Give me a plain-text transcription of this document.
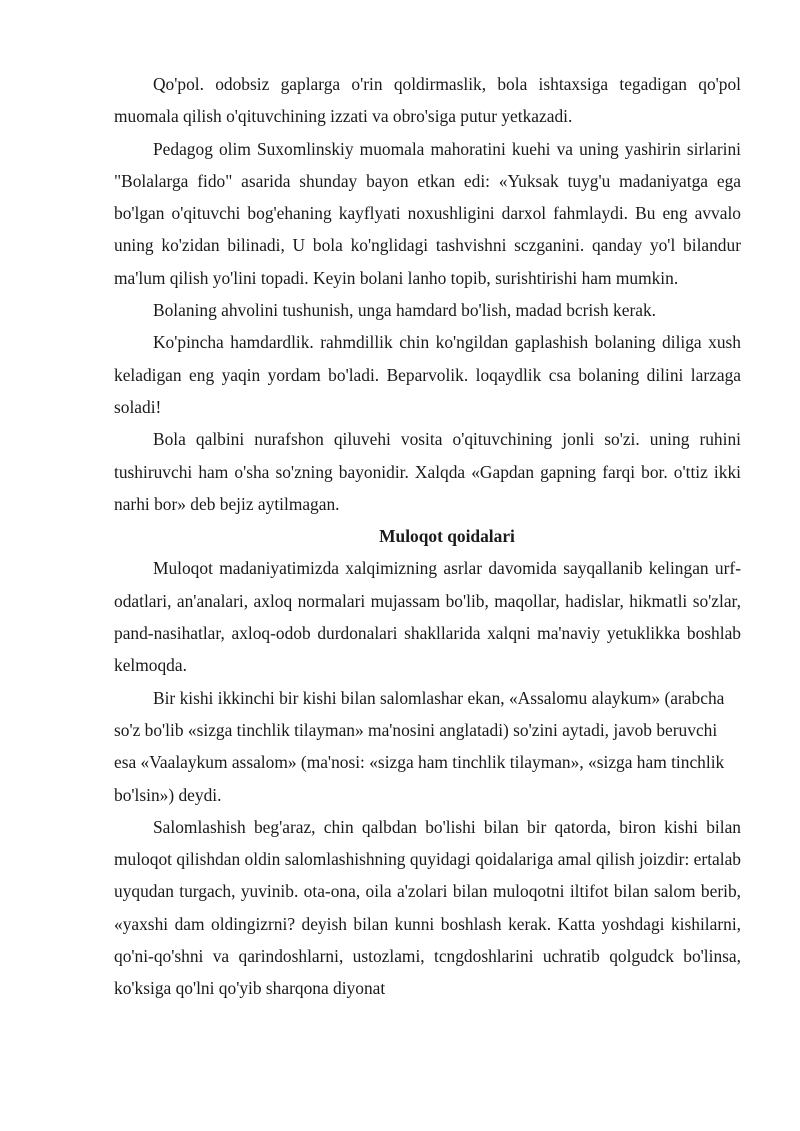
Qo'pol. odobsiz gaplarga o'rin qoldirmaslik, bola ishtaxsiga tegadigan qo'pol muomala qilish o'qituvchining izzati va obro'siga putur yetkazadi.

Pedagog olim Suxomlinskiy muomala mahoratini kuehi va uning yashirin sirlarini "Bolalarga fido" asarida shunday bayon etkan edi: «Yuksak tuyg'u madaniyatga ega bo'lgan o'qituvchi bog'ehaning kayflyati noxushligini darxol fahmlaydi. Bu eng avvalo uning ko'zidan bilinadi, U bola ko'nglidagi tashvishni sczganini. qanday yo'l bilandur ma'lum qilish yo'lini topadi. Keyin bolani lanho topib, surishtirishi ham mumkin.

Bolaning ahvolini tushunish, unga hamdard bo'lish, madad bcrish kerak.

Ko'pincha hamdardlik. rahmdillik chin ko'ngildan gaplashish bolaning diliga xush keladigan eng yaqin yordam bo'ladi. Beparvolik. loqaydlik csa bolaning dilini larzaga soladi!

Bola qalbini nurafshon qiluvehi vosita o'qituvchining jonli so'zi. uning ruhini tushiruvchi ham o'sha so'zning bayonidir. Xalqda «Gapdan gapning farqi bor. o'ttiz ikki narhi bor» deb bejiz aytilmagan.

Muloqot qoidalari

Muloqot madaniyatimizda xalqimizning asrlar davomida sayqallanib kelingan urf-odatlari, an'analari, axloq normalari mujassam bo'lib, maqollar, hadislar, hikmatli so'zlar, pand-nasihatlar, axloq-odob durdonalari shakllarida xalqni ma'naviy yetuklikka boshlab kelmoqda.

Bir kishi ikkinchi bir kishi bilan salomlashar ekan, «Assalomu alaykum» (arabcha so'z bo'lib «sizga tinchlik tilayman» ma'nosini anglatadi) so'zini aytadi, javob beruvchi esa «Vaalaykum assalom» (ma'nosi: «sizga ham tinchlik tilayman», «sizga ham tinchlik bo'lsin») deydi.

Salomlashish beg'araz, chin qalbdan bo'lishi bilan bir qatorda, biron kishi bilan muloqot qilishdan oldin salomlashishning quyidagi qoidalariga amal qilish joizdir: ertalab uyqudan turgach, yuvinib. ota-ona, oila a'zolari bilan muloqotni iltifot bilan salom berib, «yaxshi dam oldingizrni? deyish bilan kunni boshlash kerak. Katta yoshdagi kishilarni, qo'ni-qo'shni va qarindoshlarni, ustozlami, tcngdoshlarini uchratib qolgudck bo'linsa, ko'ksiga qo'lni qo'yib sharqona diyonat
